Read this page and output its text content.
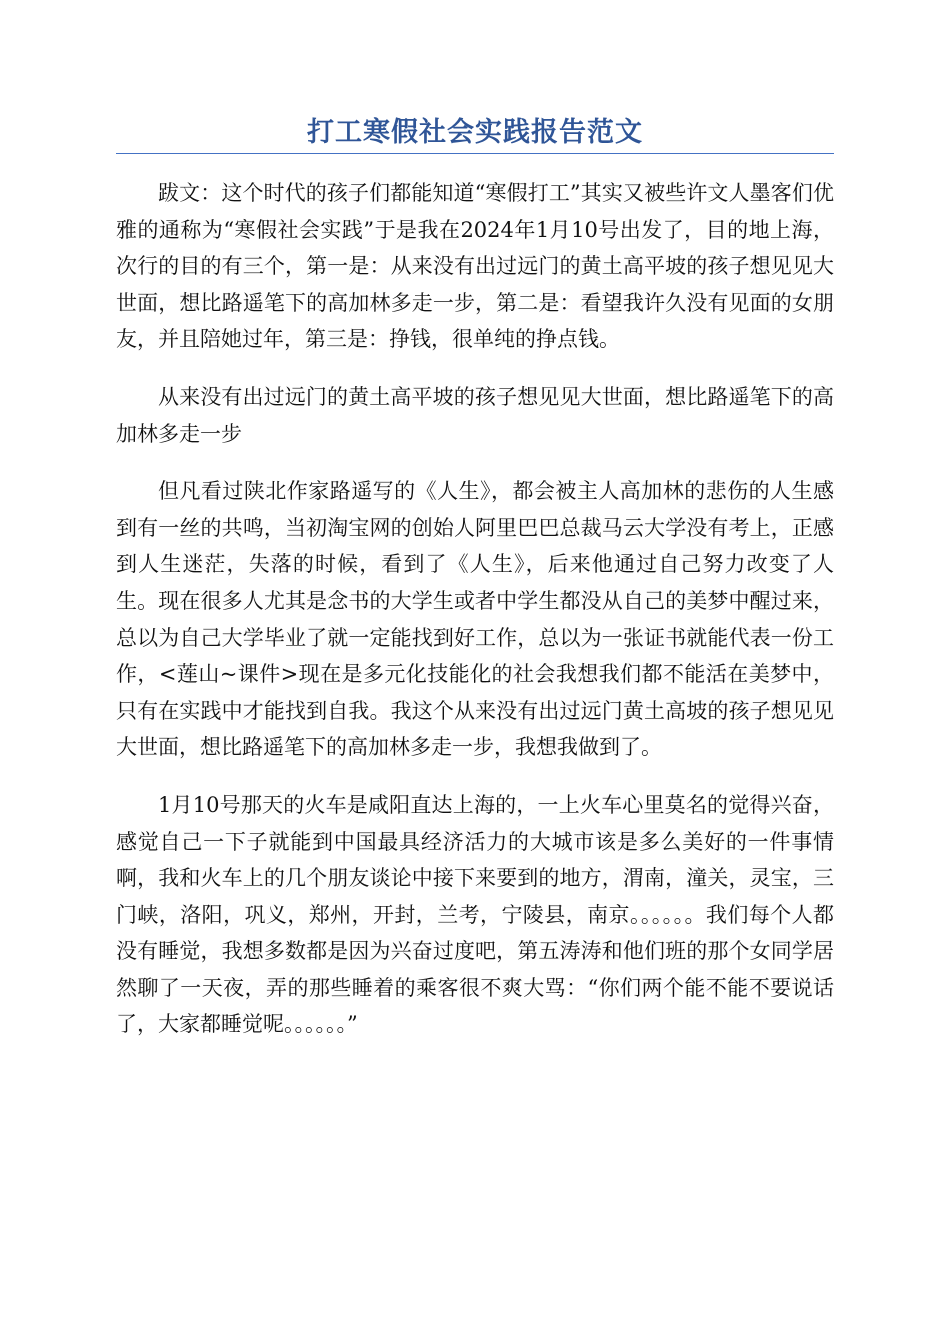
打工寒假社会实践报告范文

跋文：这个时代的孩子们都能知道“寒假打工”其实又被些许文人墨客们优雅的通称为“寒假社会实践”于是我在2024年1月10号出发了，目的地上海，次行的目的有三个，第一是：从来没有出过远门的黄土高平坡的孩子想见见大世面，想比路遥笔下的高加林多走一步，第二是：看望我许久没有见面的女朋友，并且陪她过年，第三是：挣钱，很单纯的挣点钱。

从来没有出过远门的黄土高平坡的孩子想见见大世面，想比路遥笔下的高加林多走一步

但凡看过陕北作家路遥写的《人生》，都会被主人高加林的悲伤的人生感到有一丝的共鸣，当初淘宝网的创始人阿里巴巴总裁马云大学没有考上，正感到人生迷茫，失落的时候，看到了《人生》，后来他通过自己努力改变了人生。现在很多人尤其是念书的大学生或者中学生都没从自己的美梦中醒过来，总以为自己大学毕业了就一定能找到好工作，总以为一张证书就能代表一份工作，<莲山~课件>现在是多元化技能化的社会我想我们都不能活在美梦中，只有在实践中才能找到自我。我这个从来没有出过远门黄土高坡的孩子想见见大世面，想比路遥笔下的高加林多走一步，我想我做到了。

1月10号那天的火车是咸阳直达上海的，一上火车心里莫名的觉得兴奋，感觉自己一下子就能到中国最具经济活力的大城市该是多么美好的一件事情啊，我和火车上的几个朋友谈论中接下来要到的地方，渭南，潼关，灵宝，三门峡，洛阳，巩义，郑州，开封，兰考，宁陵县，南京。。。。。。我们每个人都没有睡觉，我想多数都是因为兴奋过度吧，第五涛涛和他们班的那个女同学居然聊了一天夜，弄的那些睡着的乘客很不爽大骂：“你们两个能不能不要说话了，大家都睡觉呢。。。。。。”
